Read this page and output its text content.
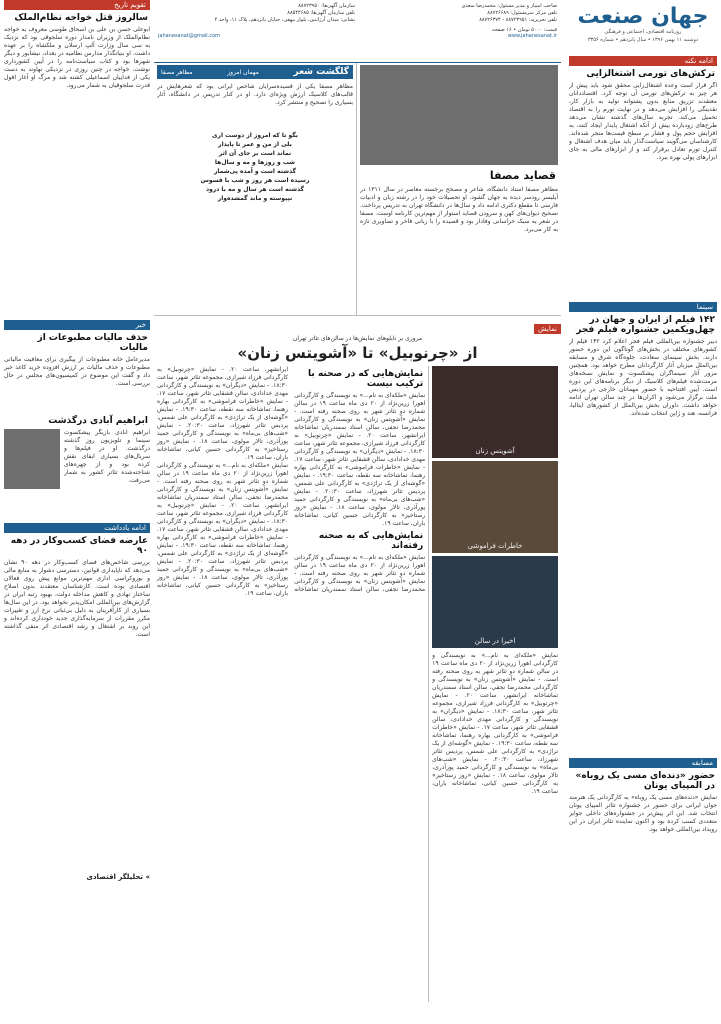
جهان صنعت
روزنامه اقتصادی، اجتماعی و فرهنگی
دوشنبه ۱۱ بهمن ۱۳۹۶ • سال پانزدهم • شماره ۳۳۵۶
ادامه نکته
ترکش‌های تورمی اشتغالزایی

اگر قرار است وعده اشتغال‌زایی محقق شود باید پیش از هر چیز به ترکش‌های تورمی آن توجه کرد. اقتصاددانان معتقدند تزریق منابع بدون پشتوانه تولید به بازار کار، نقدینگی را افزایش می‌دهد و در نهایت تورم را به اقتصاد تحمیل می‌کند. تجربه سال‌های گذشته نشان می‌دهد طرح‌های زودبازده بیش از آنکه اشتغال پایدار ایجاد کنند، به افزایش حجم پول و فشار بر سطح قیمت‌ها منجر شده‌اند. کارشناسان می‌گویند سیاست‌گذار باید میان هدف اشتغال و کنترل تورم تعادل برقرار کند و از ابزارهای مالی به جای ابزارهای پولی بهره ببرد.

سینما
۱۴۲ فیلم از ایران و جهان در چهل‌ویکمین جشنواره فیلم فجر

دبیر جشنواره بین‌المللی فیلم فجر اعلام کرد ۱۴۲ فیلم از کشورهای مختلف در بخش‌های گوناگون این دوره حضور دارند. بخش سینمای سعادت، جلوه‌گاه شرق و مسابقه بین‌الملل میزبان آثار کارگردانان مطرح خواهد بود. همچنین مرور آثار سینماگران پیشکسوت و نمایش نسخه‌های مرمت‌شده فیلم‌های کلاسیک از دیگر برنامه‌های این دوره است. آیین افتتاحیه با حضور مهمانان خارجی در پردیس ملت برگزار می‌شود و اکران‌ها در چند سالن تهران ادامه خواهد داشت. داوران بخش بین‌الملل از کشورهای ایتالیا، فرانسه، هند و ژاپن انتخاب شده‌اند.

مسابقه
حضور «دنده‌ای مسی یک روباه» در المپیای یونان

نمایش «دنده‌های مسی یک روباه» به کارگردانی یک هنرمند جوان ایرانی برای حضور در جشنواره تئاتر المپیای یونان انتخاب شد. این اثر پیش‌تر در جشنواره‌های داخلی جوایز متعددی کسب کرده بود و اکنون نماینده تئاتر ایران در این رویداد بین‌المللی خواهد بود.

تقویم تاریخ
سالروز قتل خواجه نظام‌الملک

ابوعلی حسن بن علی بن اسحاق طوسی معروف به خواجه نظام‌الملک از وزیران نامدار دوره سلجوقی بود که نزدیک به سی سال وزارت آلپ ارسلان و ملکشاه را بر عهده داشت. او بنیانگذار مدارس نظامیه در بغداد، نیشابور و دیگر شهرها بود و کتاب سیاست‌نامه را در آیین کشورداری نوشت. خواجه در چنین روزی در نزدیکی نهاوند به دست یکی از فداییان اسماعیلی کشته شد و مرگ او آغاز افول قدرت سلجوقیان به شمار می‌رود.

خبر
حذف مالیات مطبوعات از مالیات

مدیرعامل خانه مطبوعات از پیگیری برای معافیت مالیاتی مطبوعات و حذف مالیات بر ارزش افزوده خرید کاغذ خبر داد و گفت این موضوع در کمیسیون‌های مجلس در حال بررسی است.

ابراهیم آبادی درگذشت

ابراهیم آبادی بازیگر پیشکسوت سینما و تلویزیون روز گذشته درگذشت. او در فیلم‌ها و سریال‌های بسیاری ایفای نقش کرده بود و از چهره‌های شناخته‌شده تئاتر کشور به شمار می‌رفت.

ادامه یادداشت
عارضه فضای کسب‌وکار در دهه ۹۰

بررسی شاخص‌های فضای کسب‌وکار در دهه ۹۰ نشان می‌دهد که ناپایداری قوانین، دسترسی دشوار به منابع مالی و بوروکراسی اداری مهم‌ترین موانع پیش روی فعالان اقتصادی بوده است. کارشناسان معتقدند بدون اصلاح ساختار نهادی و کاهش مداخله دولت، بهبود رتبه ایران در گزارش‌های بین‌المللی امکان‌پذیر نخواهد بود. در این سال‌ها بسیاری از کارآفرینان به دلیل بی‌ثباتی نرخ ارز و تغییرات مکرر مقررات از سرمایه‌گذاری جدید خودداری کرده‌اند و این روند بر اشتغال و رشد اقتصادی اثر منفی گذاشته است.

» تحلیلگر اقتصادی
صاحب امتیاز و مدیر مسئول: محمدرضا سعدی
تلفن مرکز سرمسئول: ۸۸۷۲۶۶۸۹
تلفن تحریریه: ۸۸۷۲۳۹۵۱ - ۸۸۷۲۶۳۷۴
سازمان آگهی‌ها: ۸۸۷۲۳۹۵۰
تلفن سازمان آگهی‌ها: ۸۸۵۴۴۶۸۵
نشانی: میدان آرژانتین، بلوار بیهقی، خیابان پانزدهم، پلاک ۱۱، واحد ۴
قیمت: ۵۰۰۰ تومان • ۱۶ صفحه
jahanesanat@gmail.com	www.jahanesanat.ir
قصاید مصفا

مظاهر مصفا استاد دانشگاه، شاعر و مصحح برجسته معاصر در سال ۱۳۱۱ در آیلیسر رودسر دیده به جهان گشود. او تحصیلات خود را در رشته زبان و ادبیات فارسی تا مقطع دکتری ادامه داد و سال‌ها در دانشگاه تهران به تدریس پرداخت. تصحیح دیوان‌های کهن و سرودن قصاید استوار از مهم‌ترین کارنامه اوست. مصفا در شعر به سبک خراسانی وفادار بود و قصیده را با زبانی فاخر و تصاویری تازه به کار می‌برد.

گلگشت شعر
مهمان امروز
مظاهر مصفا

مظاهر مصفا یکی از قصیده‌سرایان شاخص ایرانی بود که شعرهایش در قالب‌های کلاسیک ارزش ویژه‌ای دارد. او در کنار تدریس در دانشگاه، آثار بسیاری را تصحیح و منتشر کرد.

بگو تا که امروز از دوست اری
بلی از من و عمر تا پایدار
نماند است بر جای آن اثر
شب و روزها و مه و سال‌ها
گذشته است و آمده پی‌شمار
رسیده است هر روز و شب با فسوس
گذشته است هر سال و مه با درود
نپیوسته و ماند گمشده‌وار
نمایش
مروری بر تابلوهای نمایش‌ها در سالن‌های تئاتر تهران
از «چرنوبیل» تا «آشویتس زنان»
آشویتس زنان
خاطرات فراموشی
اخیرا در سالن

نمایش «ملکه‌ای به نام...» به نویسندگی و کارگردانی اهورا زرین‌نژاد از ۲۰ دی ماه ساعت ۱۹ در سالن شماره دو تئاتر شهر به روی صحنه رفته است. - نمایش «آشویتس زنان» به نویسندگی و کارگردانی محمدرضا نجفی، سالن استاد سمندریان تماشاخانه ایرانشهر، ساعت ۲۰. - نمایش «چرنوبیل» به کارگردانی فرزاد شیرازی، مجموعه تئاتر شهر، ساعت ۱۸:۳۰. - نمایش «دیگران» به نویسندگی و کارگردانی مهدی خدادادی، سالن قشقایی تئاتر شهر، ساعت ۱۷. - نمایش «خاطرات فراموشی» به کارگردانی بهاره رهنما، تماشاخانه سه نقطه، ساعت ۱۹:۳۰. - نمایش «گوشه‌ای از یک تراژدی» به کارگردانی علی شمس، پردیس تئاتر شهرزاد، ساعت ۲۰:۳۰. - نمایش «شب‌های بی‌ماه» به نویسندگی و کارگردانی حمید پورآذری، تالار مولوی، ساعت ۱۸. - نمایش «روز رستاخیز» به کارگردانی حسین کیانی، تماشاخانه باران، ساعت ۱۹.

نمایش‌هایی که در صحنه با ترکیب نیست

نمایش «ملکه‌ای به نام...» به نویسندگی و کارگردانی اهورا زرین‌نژاد از ۲۰ دی ماه ساعت ۱۹ در سالن شماره دو تئاتر شهر به روی صحنه رفته است. - نمایش «آشویتس زنان» به نویسندگی و کارگردانی محمدرضا نجفی، سالن استاد سمندریان تماشاخانه ایرانشهر، ساعت ۲۰. - نمایش «چرنوبیل» به کارگردانی فرزاد شیرازی، مجموعه تئاتر شهر، ساعت ۱۸:۳۰. - نمایش «دیگران» به نویسندگی و کارگردانی مهدی خدادادی، سالن قشقایی تئاتر شهر، ساعت ۱۷. - نمایش «خاطرات فراموشی» به کارگردانی بهاره رهنما، تماشاخانه سه نقطه، ساعت ۱۹:۳۰. - نمایش «گوشه‌ای از یک تراژدی» به کارگردانی علی شمس، پردیس تئاتر شهرزاد، ساعت ۲۰:۳۰. - نمایش «شب‌های بی‌ماه» به نویسندگی و کارگردانی حمید پورآذری، تالار مولوی، ساعت ۱۸. - نمایش «روز رستاخیز» به کارگردانی حسین کیانی، تماشاخانه باران، ساعت ۱۹.

نمایش‌هایی که به صحنه رفته‌اند

نمایش «ملکه‌ای به نام...» به نویسندگی و کارگردانی اهورا زرین‌نژاد از ۲۰ دی ماه ساعت ۱۹ در سالن شماره دو تئاتر شهر به روی صحنه رفته است. - نمایش «آشویتس زنان» به نویسندگی و کارگردانی محمدرضا نجفی، سالن استاد سمندریان تماشاخانه ایرانشهر، ساعت ۲۰. - نمایش «چرنوبیل» به کارگردانی فرزاد شیرازی، مجموعه تئاتر شهر، ساعت ۱۸:۳۰. - نمایش «دیگران» به نویسندگی و کارگردانی مهدی خدادادی، سالن قشقایی تئاتر شهر، ساعت ۱۷. - نمایش «خاطرات فراموشی» به کارگردانی بهاره رهنما، تماشاخانه سه نقطه، ساعت ۱۹:۳۰. - نمایش «گوشه‌ای از یک تراژدی» به کارگردانی علی شمس، پردیس تئاتر شهرزاد، ساعت ۲۰:۳۰. - نمایش «شب‌های بی‌ماه» به نویسندگی و کارگردانی حمید پورآذری، تالار مولوی، ساعت ۱۸. - نمایش «روز رستاخیز» به کارگردانی حسین کیانی، تماشاخانه باران، ساعت ۱۹.

نمایش «ملکه‌ای به نام...» به نویسندگی و کارگردانی اهورا زرین‌نژاد از ۲۰ دی ماه ساعت ۱۹ در سالن شماره دو تئاتر شهر به روی صحنه رفته است. - نمایش «آشویتس زنان» به نویسندگی و کارگردانی محمدرضا نجفی، سالن استاد سمندریان تماشاخانه ایرانشهر، ساعت ۲۰. - نمایش «چرنوبیل» به کارگردانی فرزاد شیرازی، مجموعه تئاتر شهر، ساعت ۱۸:۳۰. - نمایش «دیگران» به نویسندگی و کارگردانی مهدی خدادادی، سالن قشقایی تئاتر شهر، ساعت ۱۷. - نمایش «خاطرات فراموشی» به کارگردانی بهاره رهنما، تماشاخانه سه نقطه، ساعت ۱۹:۳۰. - نمایش «گوشه‌ای از یک تراژدی» به کارگردانی علی شمس، پردیس تئاتر شهرزاد، ساعت ۲۰:۳۰. - نمایش «شب‌های بی‌ماه» به نویسندگی و کارگردانی حمید پورآذری، تالار مولوی، ساعت ۱۸. - نمایش «روز رستاخیز» به کارگردانی حسین کیانی، تماشاخانه باران، ساعت ۱۹.
